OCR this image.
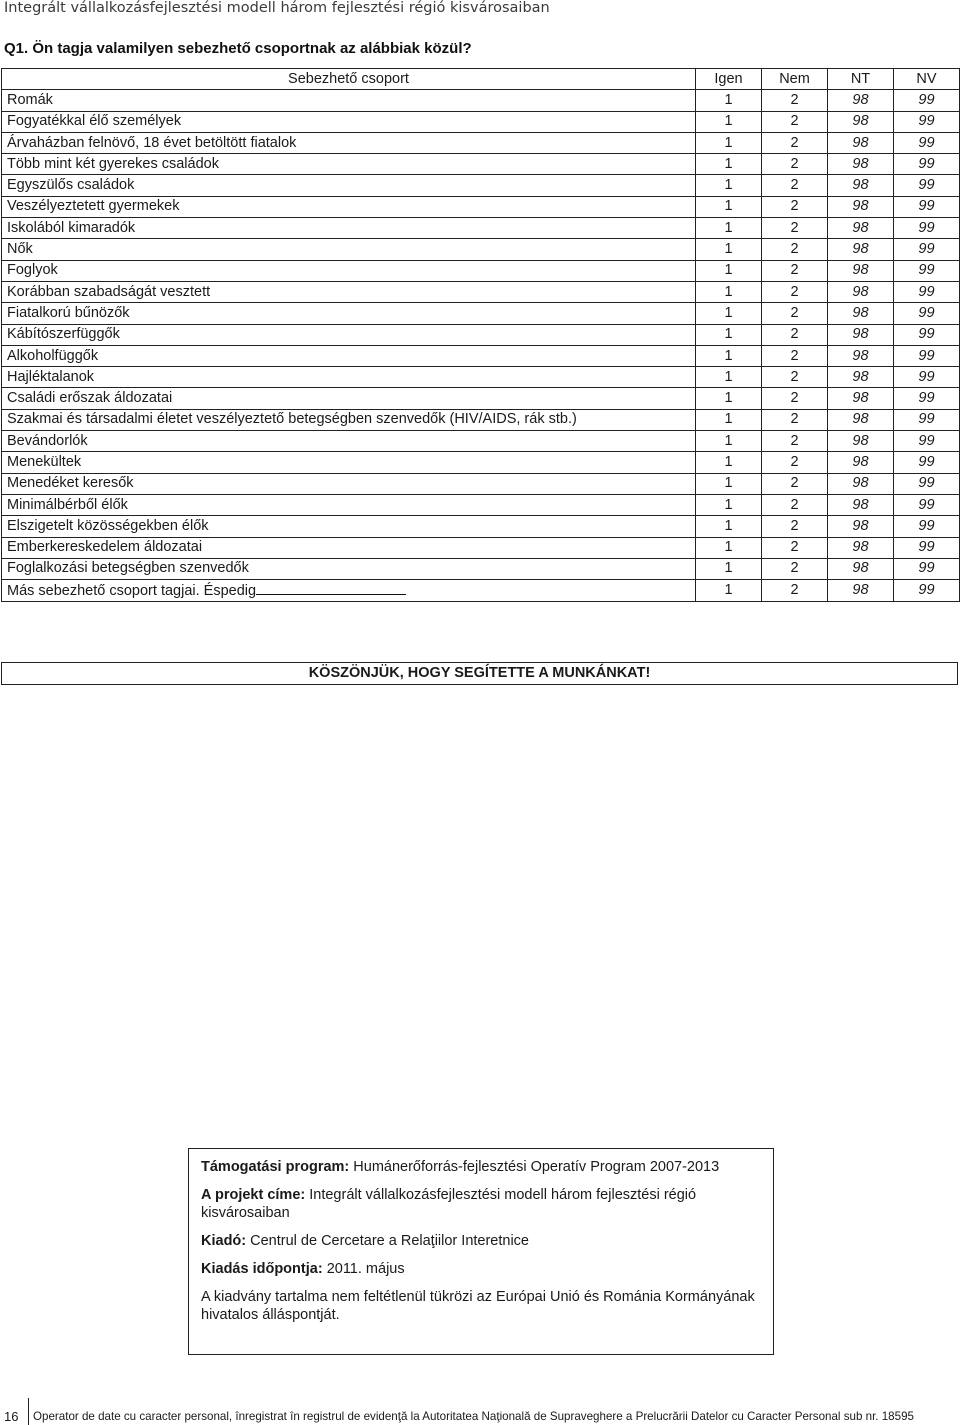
Integrált vállalkozásfejlesztési modell három fejlesztési régió kisvárosaiban
Q1. Ön tagja valamilyen sebezhető csoportnak az alábbiak közül?
Sebezhető csoport	Igen	Nem	NT	NV
Romák	1	2	98	99
Fogyatékkal élő személyek	1	2	98	99
Árvaházban felnövő, 18 évet betöltött fiatalok	1	2	98	99
Több mint két gyerekes családok	1	2	98	99
Egyszülős családok	1	2	98	99
Veszélyeztetett gyermekek	1	2	98	99
Iskolából kimaradók	1	2	98	99
Nők	1	2	98	99
Foglyok	1	2	98	99
Korábban szabadságát vesztett	1	2	98	99
Fiatalkorú bűnözők	1	2	98	99
Kábítószerfüggők	1	2	98	99
Alkoholfüggők	1	2	98	99
Hajléktalanok	1	2	98	99
Családi erőszak áldozatai	1	2	98	99
Szakmai és társadalmi életet veszélyeztető betegségben szenvedők (HIV/AIDS, rák stb.)	1	2	98	99
Bevándorlók	1	2	98	99
Menekültek	1	2	98	99
Menedéket keresők	1	2	98	99
Minimálbérből élők	1	2	98	99
Elszigetelt közösségekben élők	1	2	98	99
Emberkereskedelem áldozatai	1	2	98	99
Foglalkozási betegségben szenvedők	1	2	98	99
Más sebezhető csoport tagjai. Éspedig	1	2	98	99
KÖSZÖNJÜK, HOGY SEGÍTETTE A MUNKÁNKAT!

Támogatási program: Humánerőforrás-fejlesztési Operatív Program 2007-2013

A projekt címe: Integrált vállalkozásfejlesztési modell három fejlesztési régió kisvárosaiban

Kiadó: Centrul de Cercetare a Relaţiilor Interetnice

Kiadás időpontja: 2011. május

A kiadvány tartalma nem feltétlenül tükrözi az Európai Unió és Románia Kormányának hivatalos álláspontját.

16 Operator de date cu caracter personal, înregistrat în registrul de evidenţă la Autoritatea Naţională de Supraveghere a Prelucrării Datelor cu Caracter Personal sub nr. 18595
